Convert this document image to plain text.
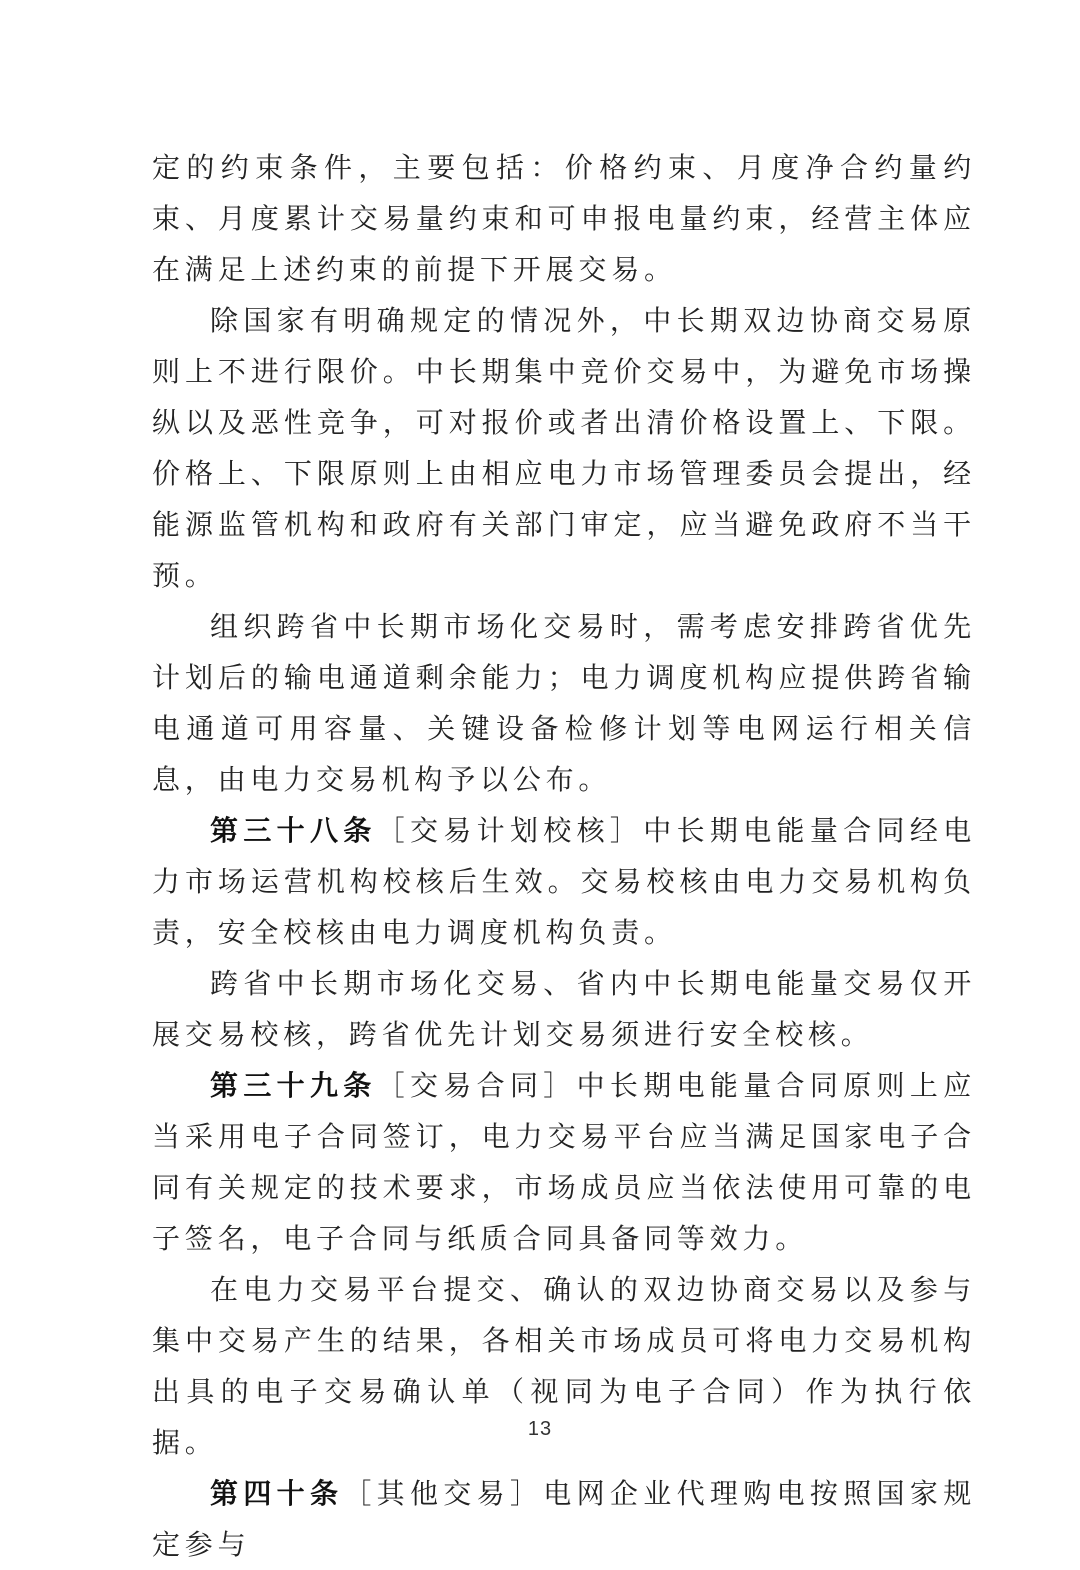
定的约束条件，主要包括：价格约束、月度净合约量约束、月度累计交易量约束和可申报电量约束，经营主体应在满足上述约束的前提下开展交易。

除国家有明确规定的情况外，中长期双边协商交易原则上不进行限价。中长期集中竞价交易中，为避免市场操纵以及恶性竞争，可对报价或者出清价格设置上、下限。价格上、下限原则上由相应电力市场管理委员会提出，经能源监管机构和政府有关部门审定，应当避免政府不当干预。

组织跨省中长期市场化交易时，需考虑安排跨省优先计划后的输电通道剩余能力；电力调度机构应提供跨省输电通道可用容量、关键设备检修计划等电网运行相关信息，由电力交易机构予以公布。

第三十八条［交易计划校核］中长期电能量合同经电力市场运营机构校核后生效。交易校核由电力交易机构负责，安全校核由电力调度机构负责。

跨省中长期市场化交易、省内中长期电能量交易仅开展交易校核，跨省优先计划交易须进行安全校核。

第三十九条［交易合同］中长期电能量合同原则上应当采用电子合同签订，电力交易平台应当满足国家电子合同有关规定的技术要求，市场成员应当依法使用可靠的电子签名，电子合同与纸质合同具备同等效力。

在电力交易平台提交、确认的双边协商交易以及参与集中交易产生的结果，各相关市场成员可将电力交易机构出具的电子交易确认单（视同为电子合同）作为执行依据。

第四十条［其他交易］电网企业代理购电按照国家规定参与

13
